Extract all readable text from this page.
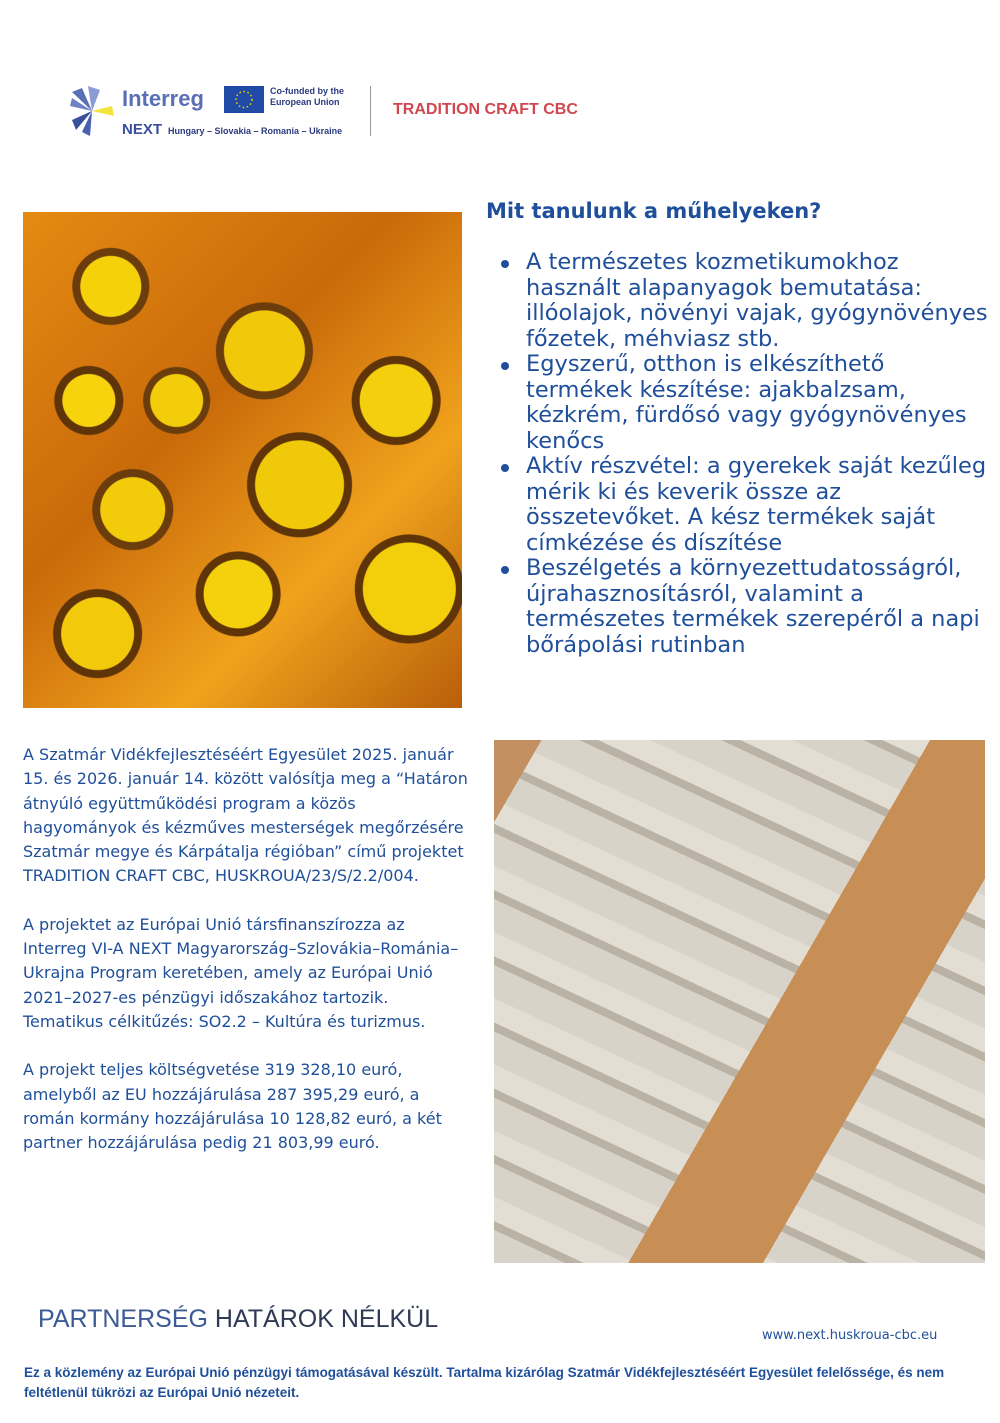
Interreg
NEXT Hungary – Slovakia – Romania – Ukraine
Co-funded by the European Union	TRADITION CRAFT CBC
Mit tanulunk a műhelyeken?
A természetes kozmetikumokhoz használt alapanyagok bemutatása: illóolajok, növényi vajak, gyógynövényes főzetek, méhviasz stb.
Egyszerű, otthon is elkészíthető termékek készítése: ajakbalzsam, kézkrém, fürdősó vagy gyógynövényes kenőcs
Aktív részvétel: a gyerekek saját kezűleg mérik ki és keverik össze az összetevőket. A kész termékek saját címkézése és díszítése
Beszélgetés a környezettudatosságról, újrahasznosításról, valamint a természetes termékek szerepéről a napi bőrápolási rutinban

A Szatmár Vidékfejlesztéséért Egyesület 2025. január 15. és 2026. január 14. között valósítja meg a “Határon átnyúló együttműködési program a közös hagyományok és kézműves mesterségek megőrzésére Szatmár megye és Kárpátalja régióban” című projektet TRADITION CRAFT CBC, HUSKROUA/23/S/2.2/004.

A projektet az Európai Unió társfinanszírozza az Interreg VI-A NEXT Magyarország–Szlovákia–Románia–Ukrajna Program keretében, amely az Európai Unió 2021–2027-es pénzügyi időszakához tartozik. Tematikus célkitűzés: SO2.2 – Kultúra és turizmus.

A projekt teljes költségvetése 319 328,10 euró, amelyből az EU hozzájárulása 287 395,29 euró, a román kormány hozzájárulása 10 128,82 euró, a két partner hozzájárulása pedig 21 803,99 euró.

PARTNERSÉG HATÁROK NÉLKÜL
www.next.huskroua-cbc.eu
Ez a közlemény az Európai Unió pénzügyi támogatásával készült. Tartalma kizárólag Szatmár Vidékfejlesztéséért Egyesület felelőssége, és nem feltétlenül tükrözi az Európai Unió nézeteit.
